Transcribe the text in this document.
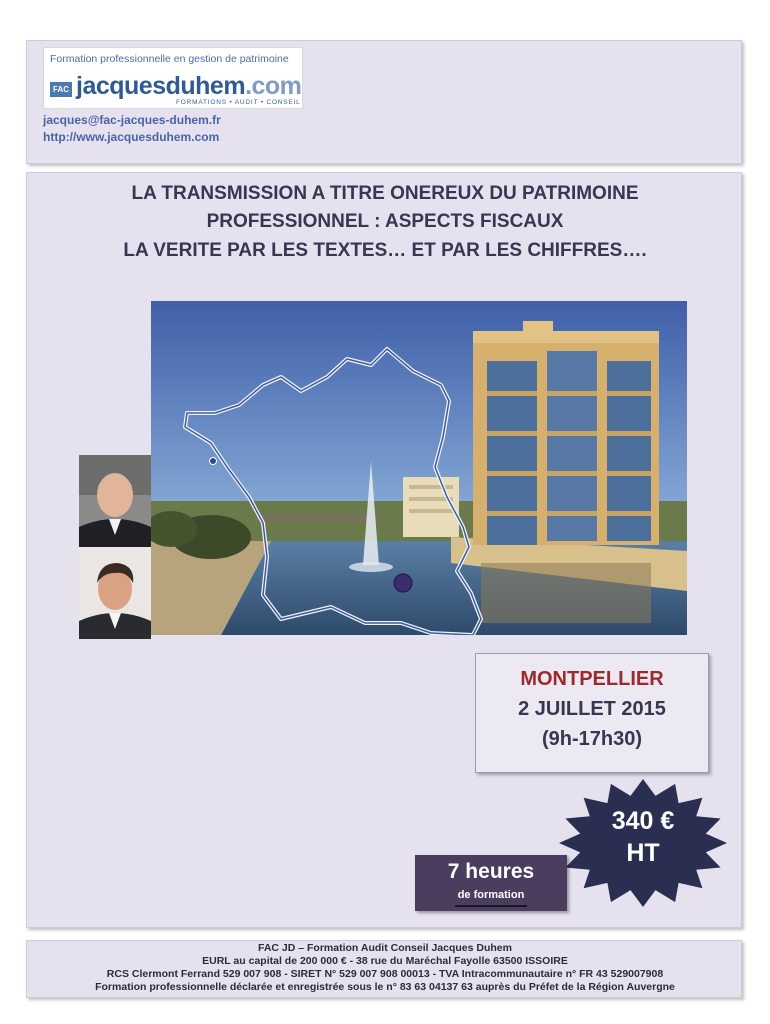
Formation professionnelle en gestion de patrimoine
FAC jacquesduhem.com
FORMATIONS • AUDIT • CONSEIL
jacques@fac-jacques-duhem.fr
http://www.jacquesduhem.com
LA TRANSMISSION A TITRE ONEREUX DU PATRIMOINE
PROFESSIONNEL : ASPECTS FISCAUX
LA VERITE PAR LES TEXTES… ET PAR LES CHIFFRES….
MONTPELLIER
2 JUILLET 2015
(9h-17h30)
340 €
HT
7 heures
de formation
FAC JD – Formation Audit Conseil Jacques Duhem
EURL au capital de 200 000 € - 38 rue du Maréchal Fayolle 63500 ISSOIRE
RCS Clermont Ferrand 529 007 908 - SIRET N° 529 007 908 00013 - TVA Intracommunautaire n° FR 43 529007908
Formation professionnelle déclarée et enregistrée sous le n° 83 63 04137 63 auprès du Préfet de la Région Auvergne
